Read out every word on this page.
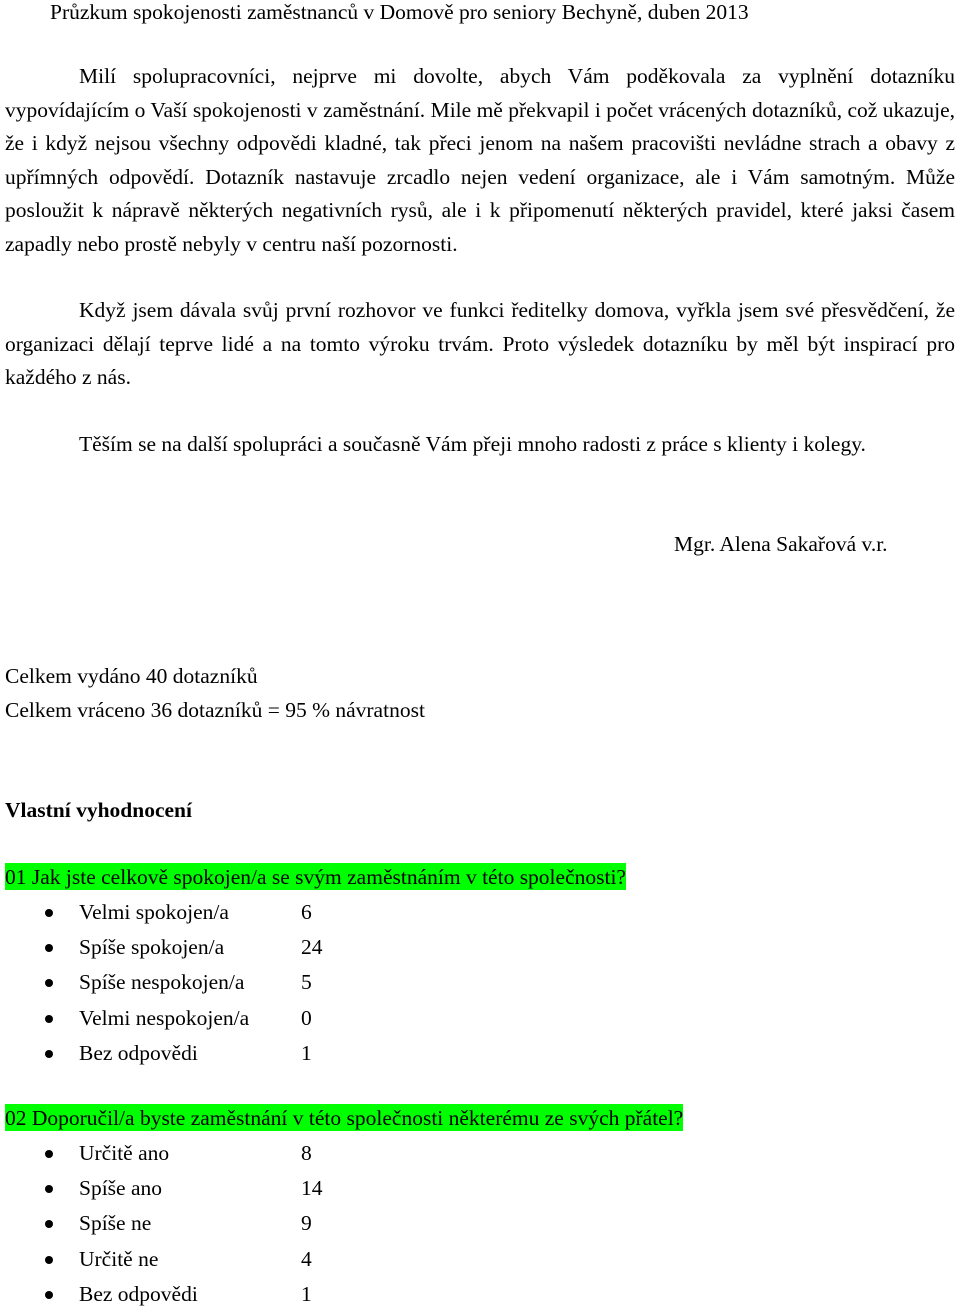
Průzkum spokojenosti zaměstnanců v Domově pro seniory Bechyně, duben 2013

Milí spolupracovníci, nejprve mi dovolte, abych Vám poděkovala za vyplnění dotazníku vypovídajícím o Vaší spokojenosti v zaměstnání. Mile mě překvapil i počet vrácených dotazníků, což ukazuje, že i když nejsou všechny odpovědi kladné, tak přeci jenom na našem pracovišti nevládne strach a obavy z upřímných odpovědí. Dotazník nastavuje zrcadlo nejen vedení organizace, ale i Vám samotným. Může posloužit k nápravě některých negativních rysů, ale i k připomenutí některých pravidel, které jaksi časem zapadly nebo prostě nebyly v centru naší pozornosti.

Když jsem dávala svůj první rozhovor ve funkci ředitelky domova, vyřkla jsem své přesvědčení, že organizaci dělají teprve lidé a na tomto výroku trvám. Proto výsledek dotazníku by měl být inspirací pro každého z nás.

Těším se na další spolupráci a současně Vám přeji mnoho radosti z práce s klienty i kolegy.

Mgr. Alena Sakařová v.r.
Celkem vydáno 40 dotazníků
Celkem vráceno 36 dotazníků = 95 % návratnost
Vlastní vyhodnocení
01 Jak jste celkově spokojen/a se svým zaměstnáním v této společnosti?
Velmi spokojen/a	6
Spíše spokojen/a	24
Spíše nespokojen/a	5
Velmi nespokojen/a 0
Bez odpovědi	1
02 Doporučil/a byste zaměstnání v této společnosti některému ze svých přátel?
Určitě ano	8
Spíše ano	14
Spíše ne	9
Určitě ne	4
Bez odpovědi	1
